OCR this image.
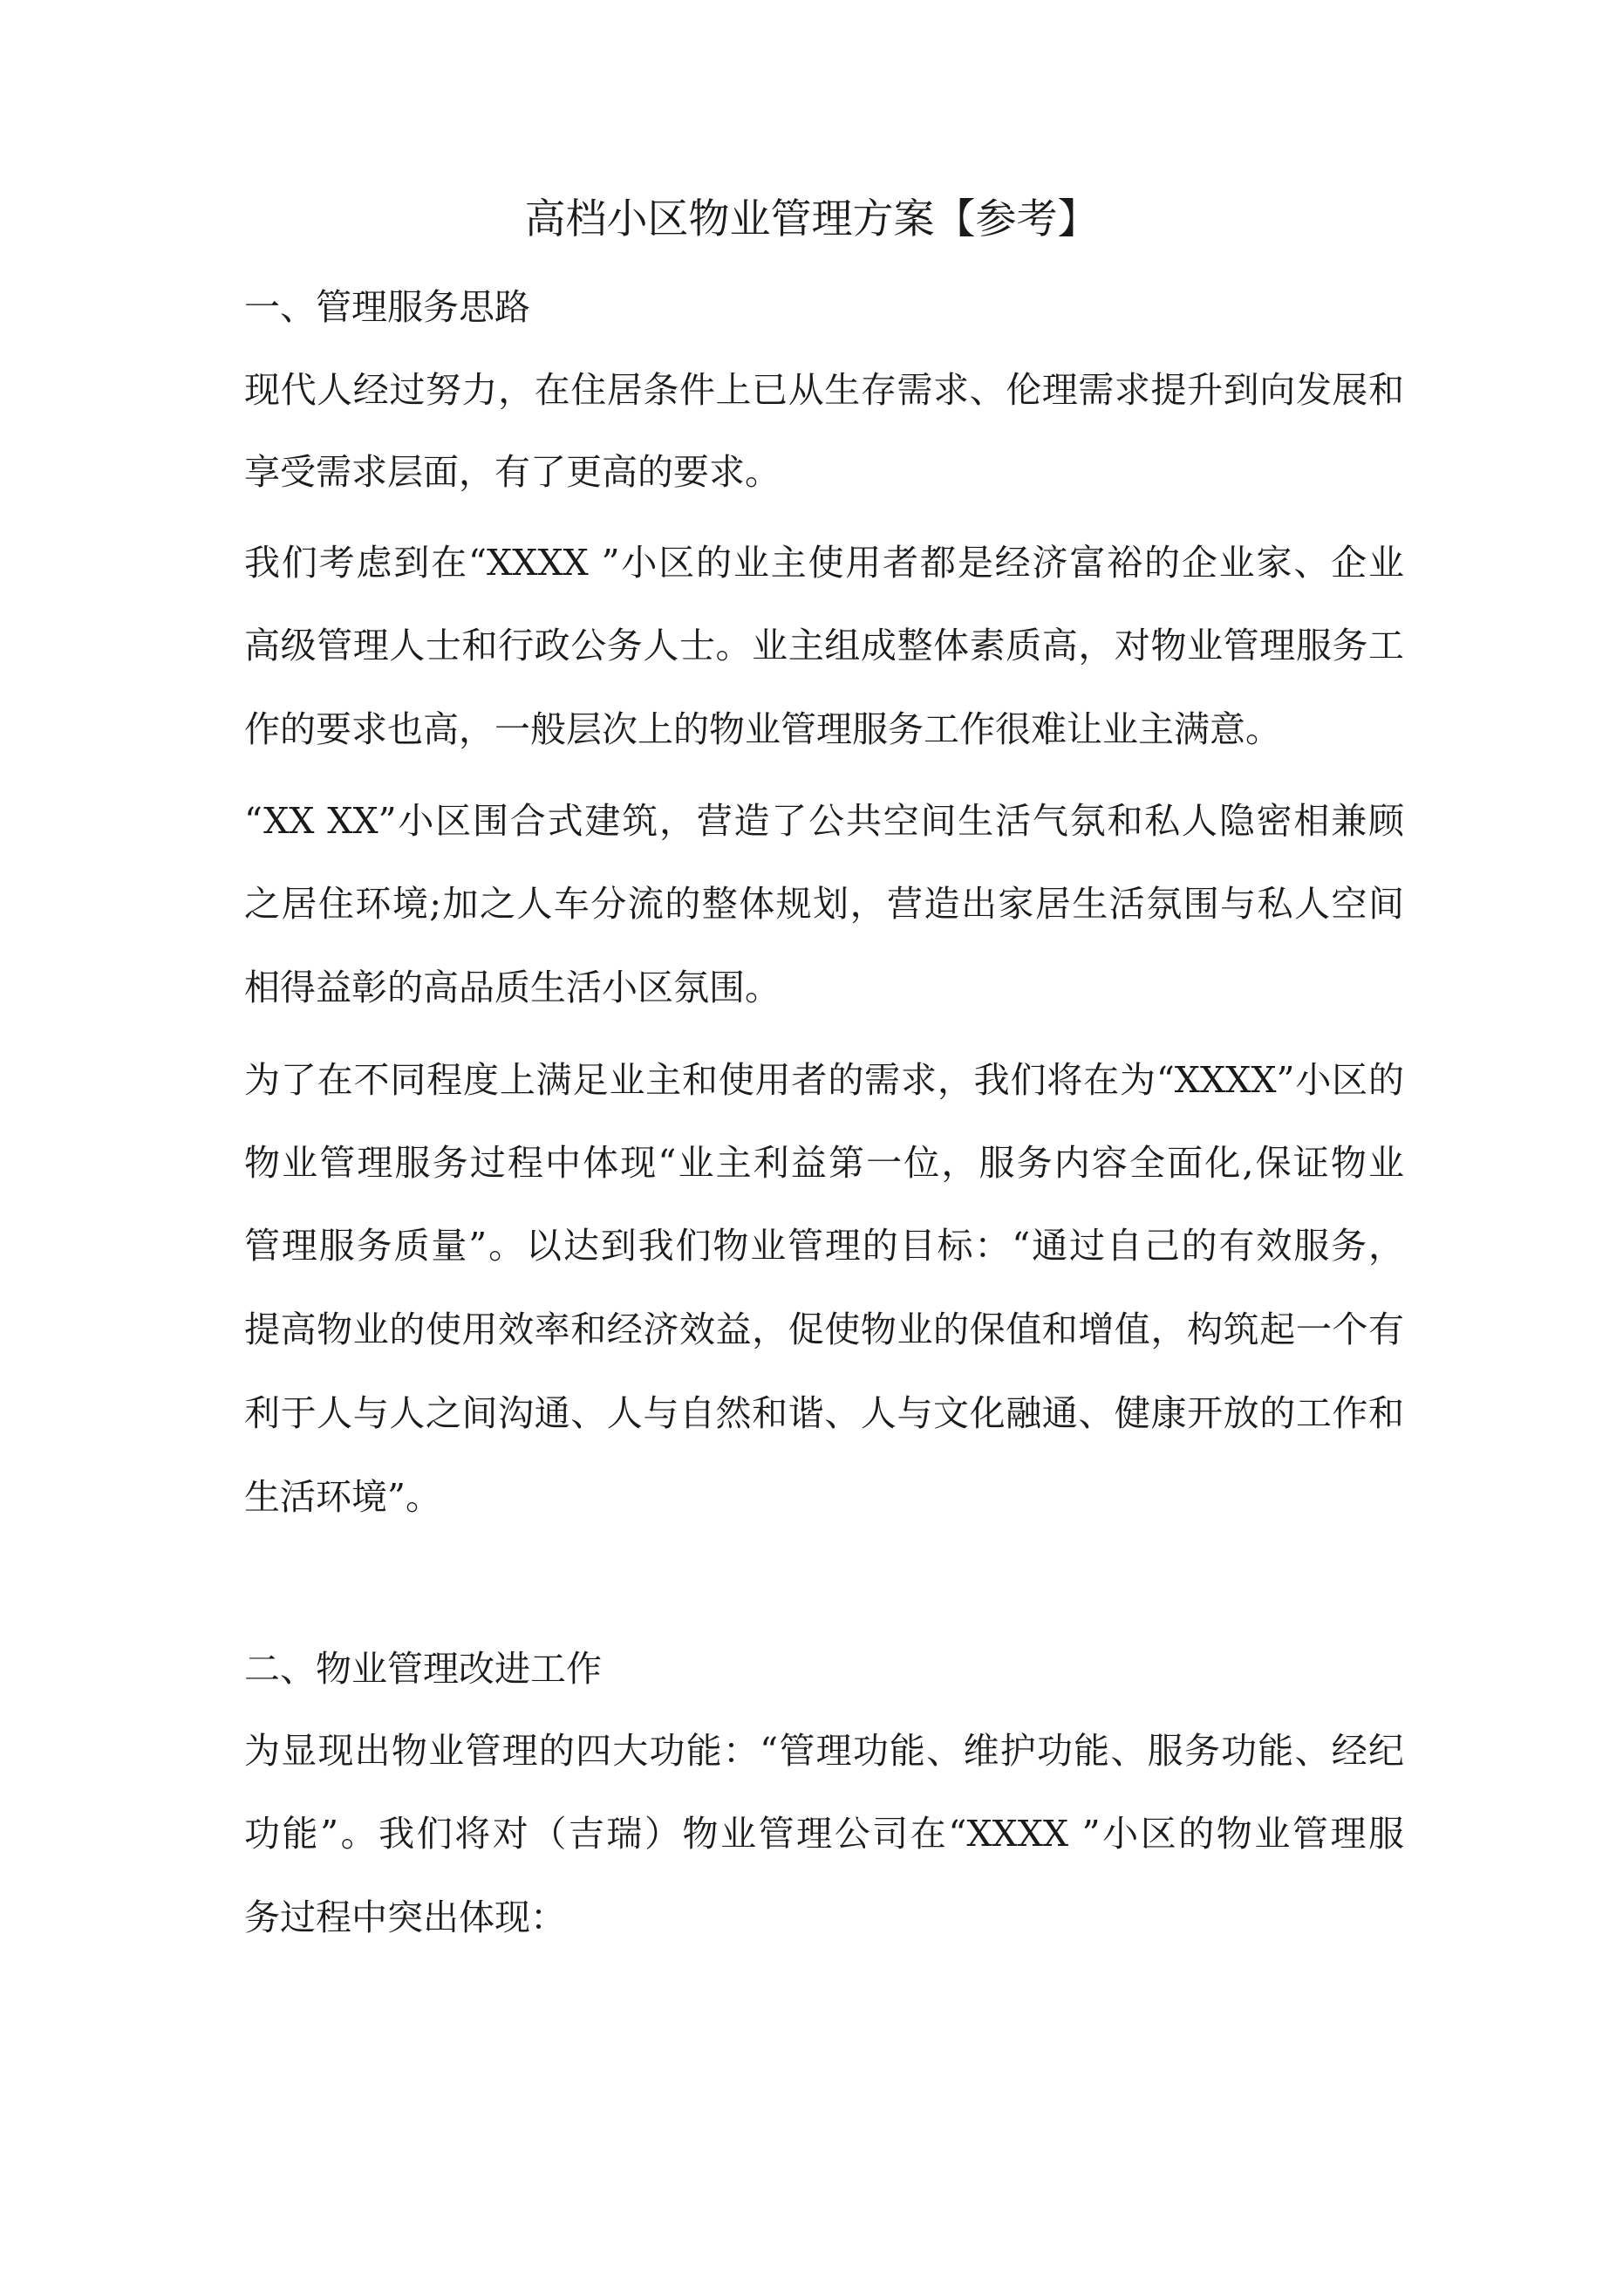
高档小区物业管理方案【参考】

一、管理服务思路

现代人经过努力，在住居条件上已从生存需求、伦理需求提升到向发展和

享受需求层面，有了更高的要求。

我们考虑到在“XXXX ”小区的业主使用者都是经济富裕的企业家、企业

高级管理人士和行政公务人士。业主组成整体素质高，对物业管理服务工

作的要求也高，一般层次上的物业管理服务工作很难让业主满意。

“XX XX”小区围合式建筑，营造了公共空间生活气氛和私人隐密相兼顾

之居住环境;加之人车分流的整体规划，营造出家居生活氛围与私人空间

相得益彰的高品质生活小区氛围。

为了在不同程度上满足业主和使用者的需求，我们将在为“XXXX”小区的

物业管理服务过程中体现“业主利益第一位，服务内容全面化,保证物业

管理服务质量”。以达到我们物业管理的目标：“通过自己的有效服务，

提高物业的使用效率和经济效益，促使物业的保值和增值，构筑起一个有

利于人与人之间沟通、人与自然和谐、人与文化融通、健康开放的工作和

生活环境”。

二、物业管理改进工作

为显现出物业管理的四大功能：“管理功能、维护功能、服务功能、经纪

功能”。我们将对（吉瑞）物业管理公司在“XXXX ”小区的物业管理服

务过程中突出体现：
